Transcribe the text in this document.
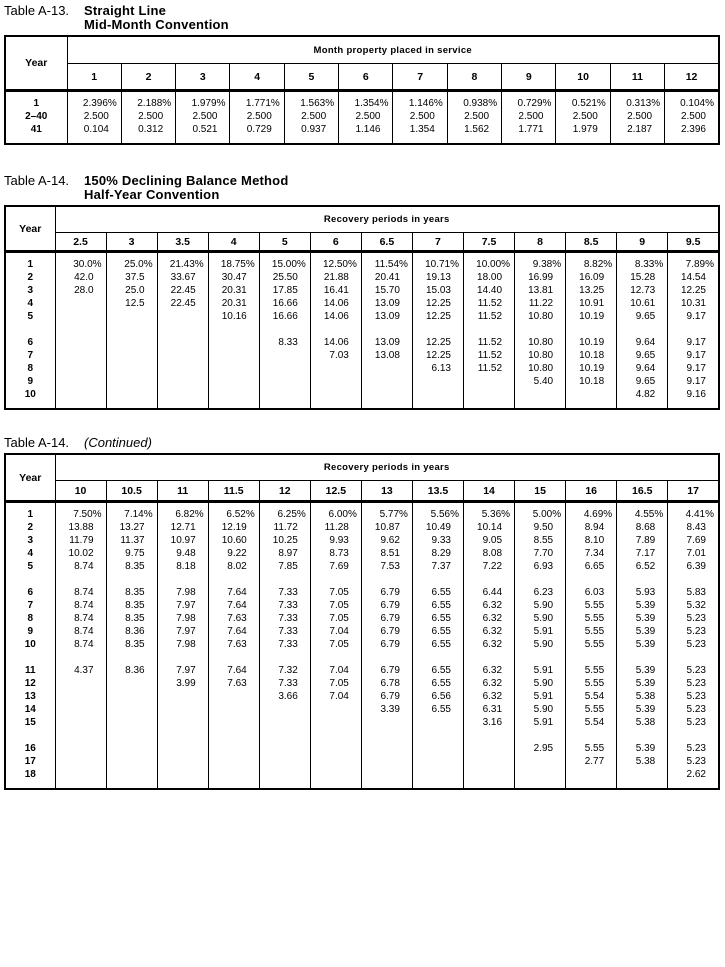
Table A-13.	Straight Line
Mid-Month Convention
Year	Month property placed in service											
	1	2	3	4	5	6	7	8	9	10	11	12
1	2.396%	2.188%	1.979%	1.771%	1.563%	1.354%	1.146%	0.938%	0.729%	0.521%	0.313%	0.104%
2–40	2.500	2.500	2.500	2.500	2.500	2.500	2.500	2.500	2.500	2.500	2.500	2.500
41	0.104	0.312	0.521	0.729	0.937	1.146	1.354	1.562	1.771	1.979	2.187	2.396
Table A-14.	150% Declining Balance Method
Half-Year Convention
Year	Recovery periods in years												
	2.5	3	3.5	4	5	6	6.5	7	7.5	8	8.5	9	9.5
1	30.0%	25.0%	21.43%	18.75%	15.00%	12.50%	11.54%	10.71%	10.00%	9.38%	8.82%	8.33%	7.89%
2	42.0	37.5	33.67	30.47	25.50	21.88	20.41	19.13	18.00	16.99	16.09	15.28	14.54
3	28.0	25.0	22.45	20.31	17.85	16.41	15.70	15.03	14.40	13.81	13.25	12.73	12.25
4		12.5	22.45	20.31	16.66	14.06	13.09	12.25	11.52	11.22	10.91	10.61	10.31
5				10.16	16.66	14.06	13.09	12.25	11.52	10.80	10.19	9.65	9.17

6					8.33	14.06	13.09	12.25	11.52	10.80	10.19	9.64	9.17
7						7.03	13.08	12.25	11.52	10.80	10.18	9.65	9.17
8								6.13	11.52	10.80	10.19	9.64	9.17
9										5.40	10.18	9.65	9.17
10												4.82	9.16
Table A-14.	(Continued)
Year	Recovery periods in years												
	10	10.5	11	11.5	12	12.5	13	13.5	14	15	16	16.5	17
1	7.50%	7.14%	6.82%	6.52%	6.25%	6.00%	5.77%	5.56%	5.36%	5.00%	4.69%	4.55%	4.41%
2	13.88	13.27	12.71	12.19	11.72	11.28	10.87	10.49	10.14	9.50	8.94	8.68	8.43
3	11.79	11.37	10.97	10.60	10.25	9.93	9.62	9.33	9.05	8.55	8.10	7.89	7.69
4	10.02	9.75	9.48	9.22	8.97	8.73	8.51	8.29	8.08	7.70	7.34	7.17	7.01
5	8.74	8.35	8.18	8.02	7.85	7.69	7.53	7.37	7.22	6.93	6.65	6.52	6.39

6	8.74	8.35	7.98	7.64	7.33	7.05	6.79	6.55	6.44	6.23	6.03	5.93	5.83
7	8.74	8.35	7.97	7.64	7.33	7.05	6.79	6.55	6.32	5.90	5.55	5.39	5.32
8	8.74	8.35	7.98	7.63	7.33	7.05	6.79	6.55	6.32	5.90	5.55	5.39	5.23
9	8.74	8.36	7.97	7.64	7.33	7.04	6.79	6.55	6.32	5.91	5.55	5.39	5.23
10	8.74	8.35	7.98	7.63	7.33	7.05	6.79	6.55	6.32	5.90	5.55	5.39	5.23

11	4.37	8.36	7.97	7.64	7.32	7.04	6.79	6.55	6.32	5.91	5.55	5.39	5.23
12			3.99	7.63	7.33	7.05	6.78	6.55	6.32	5.90	5.55	5.39	5.23
13					3.66	7.04	6.79	6.56	6.32	5.91	5.54	5.38	5.23
14							3.39	6.55	6.31	5.90	5.55	5.39	5.23
15									3.16	5.91	5.54	5.38	5.23

16										2.95	5.55	5.39	5.23
17											2.77	5.38	5.23
18													2.62
